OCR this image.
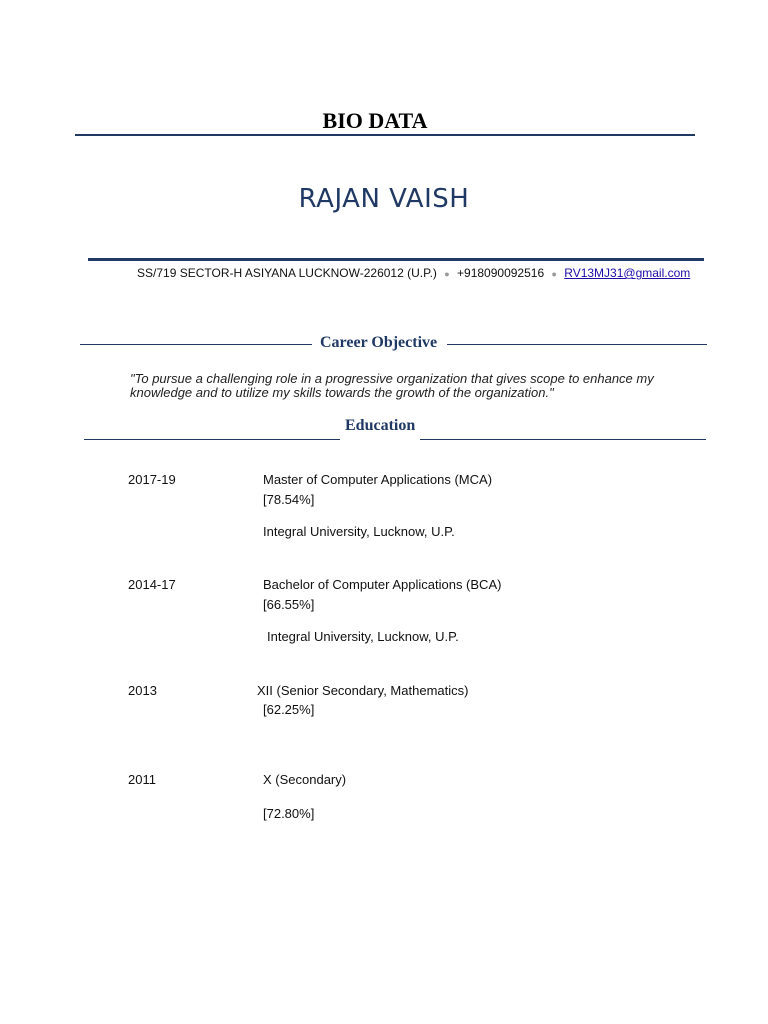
BIO DATA
RAJAN VAISH
SS/719 SECTOR-H ASIYANA LUCKNOW-226012 (U.P.) ● +918090092516 ● RV13MJ31@gmail.com
Career Objective
"To pursue a challenging role in a progressive organization that gives scope to enhance my knowledge and to utilize my skills towards the growth of the organization."
Education
2017-19	Master of Computer Applications (MCA)
[78.54%]
Integral University, Lucknow, U.P.
2014-17	Bachelor of Computer Applications (BCA)
[66.55%]
Integral University, Lucknow, U.P.
2013	XII (Senior Secondary, Mathematics)
[62.25%]
2011	X (Secondary)
[72.80%]
